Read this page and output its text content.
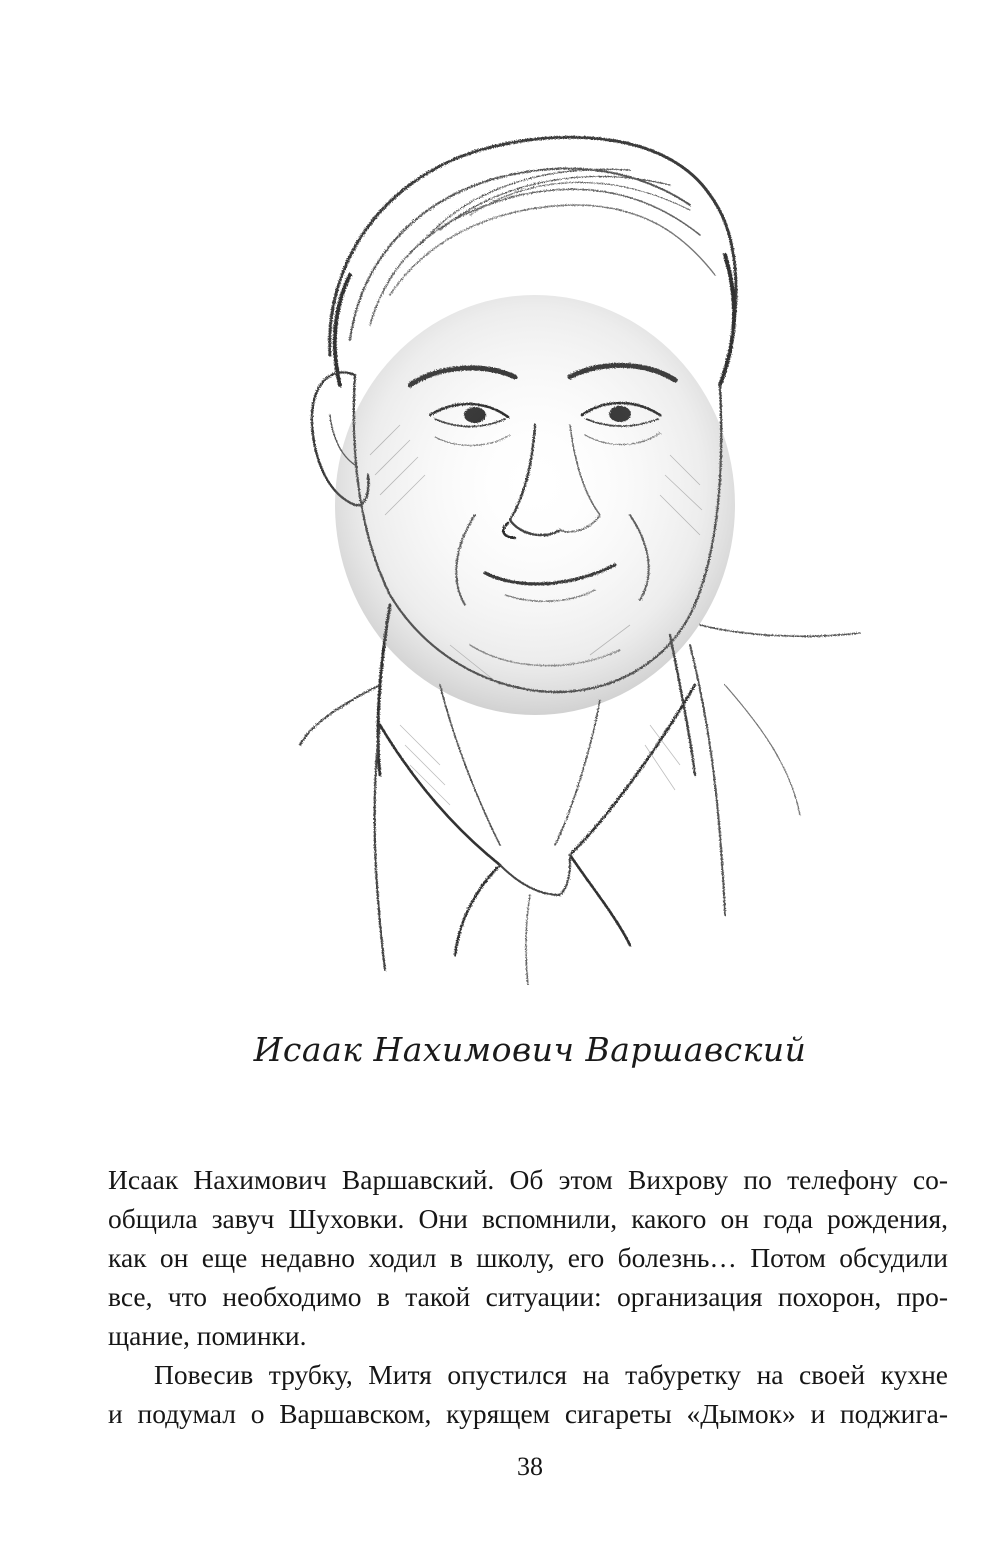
Исаак Нахимович Варшавский
Исаак Нахимович Варшавский. Об этом Вихрову по телефону со-
общила завуч Шуховки. Они вспомнили, какого он года рождения,
как он еще недавно ходил в школу, его болезнь… Потом обсудили
все, что необходимо в такой ситуации: организация похорон, про-
щание, поминки.
Повесив трубку, Митя опустился на табуретку на своей кухне
и подумал о Варшавском, курящем сигареты «Дымок» и поджига-
38
